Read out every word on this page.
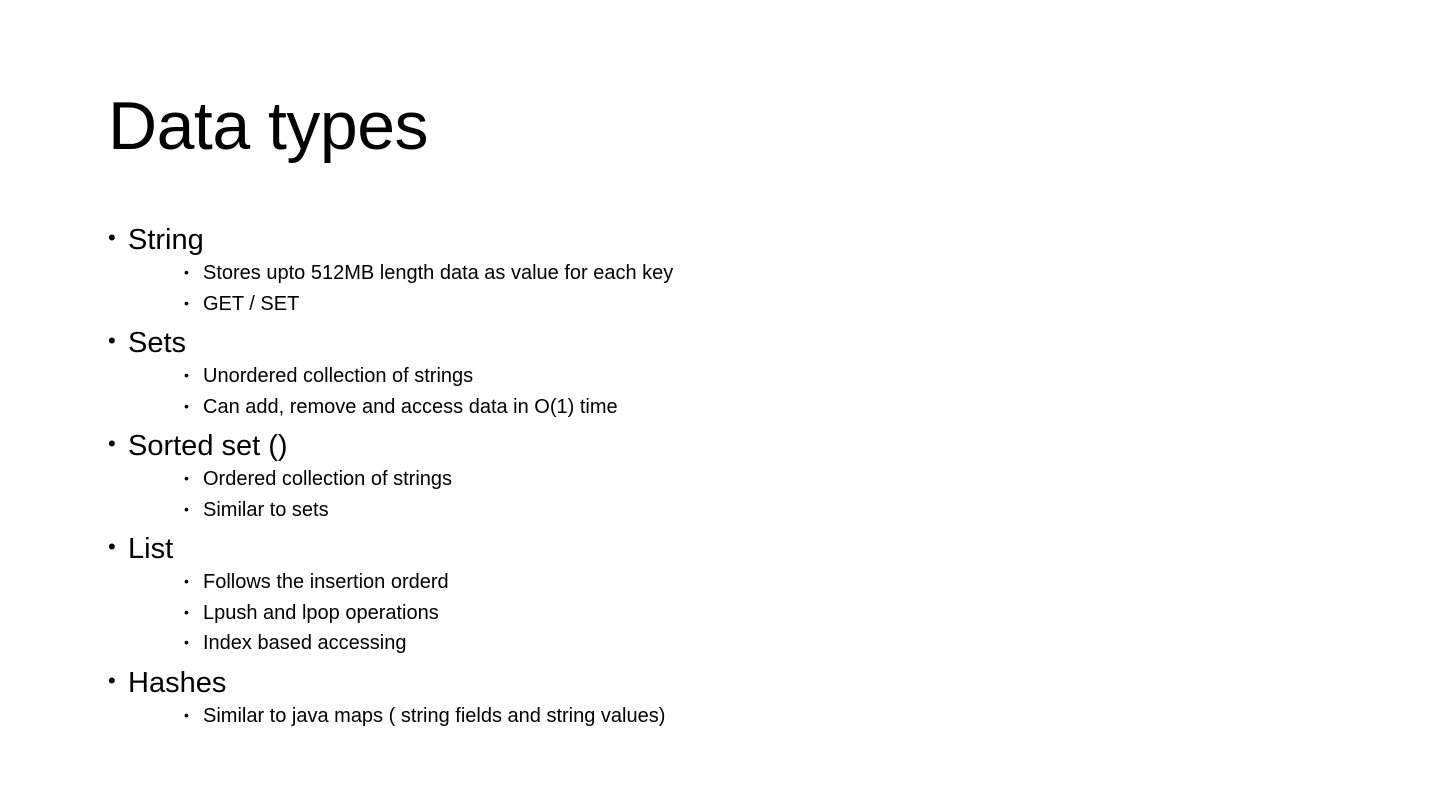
Data types
• String
• Stores upto 512MB length data as value for each key
• GET / SET
• Sets
• Unordered collection of strings
• Can add, remove and access data in O(1) time
• Sorted set ()
• Ordered collection of strings
• Similar to sets
• List
• Follows the insertion orderd
• Lpush and lpop operations
• Index based accessing
• Hashes
• Similar to java maps ( string fields and string values)
